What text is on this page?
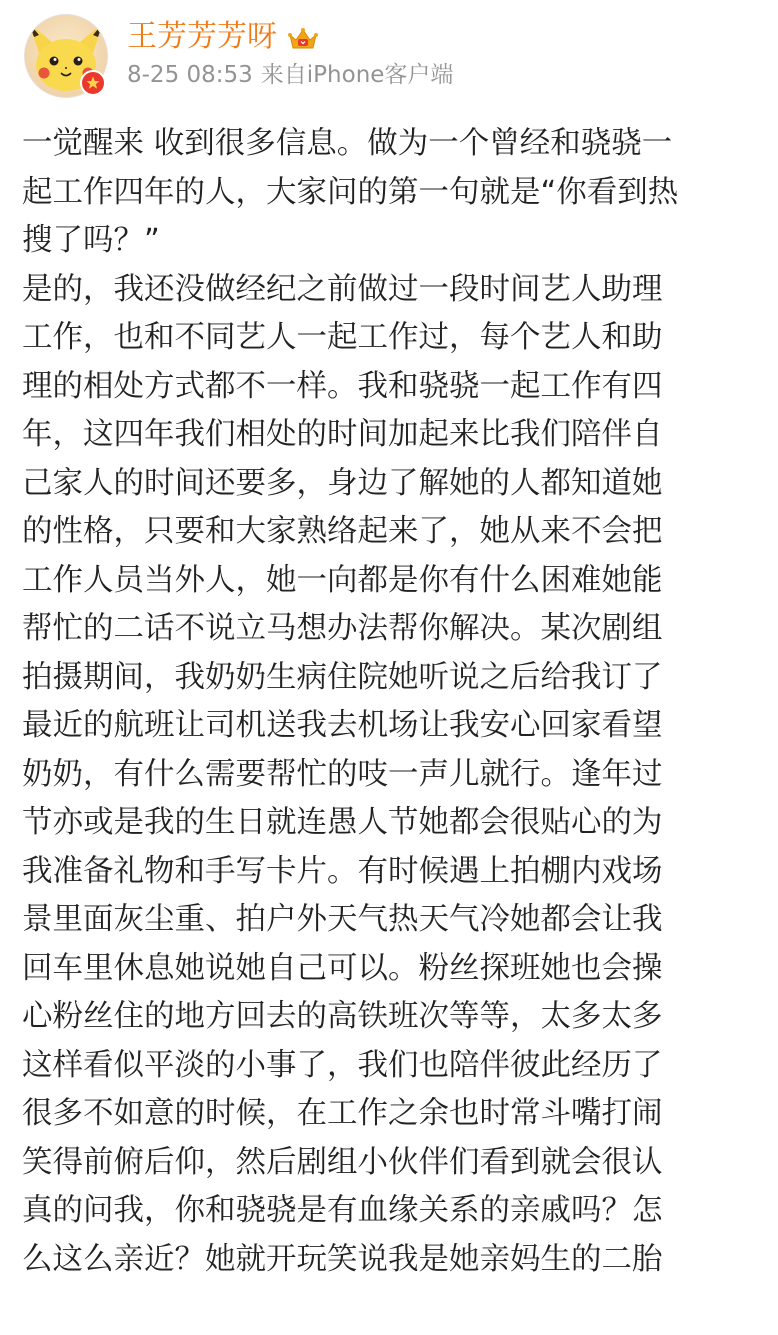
王芳芳芳呀
8-25 08:53 来自iPhone客户端
一觉醒来 收到很多信息。做为一个曾经和骁骁一
起工作四年的人，大家问的第一句就是“你看到热
搜了吗？”
是的，我还没做经纪之前做过一段时间艺人助理
工作，也和不同艺人一起工作过，每个艺人和助
理的相处方式都不一样。我和骁骁一起工作有四
年，这四年我们相处的时间加起来比我们陪伴自
己家人的时间还要多，身边了解她的人都知道她
的性格，只要和大家熟络起来了，她从来不会把
工作人员当外人，她一向都是你有什么困难她能
帮忙的二话不说立马想办法帮你解决。某次剧组
拍摄期间，我奶奶生病住院她听说之后给我订了
最近的航班让司机送我去机场让我安心回家看望
奶奶，有什么需要帮忙的吱一声儿就行。逢年过
节亦或是我的生日就连愚人节她都会很贴心的为
我准备礼物和手写卡片。有时候遇上拍棚内戏场
景里面灰尘重、拍户外天气热天气冷她都会让我
回车里休息她说她自己可以。粉丝探班她也会操
心粉丝住的地方回去的高铁班次等等，太多太多
这样看似平淡的小事了，我们也陪伴彼此经历了
很多不如意的时候，在工作之余也时常斗嘴打闹
笑得前俯后仰，然后剧组小伙伴们看到就会很认
真的问我，你和骁骁是有血缘关系的亲戚吗？怎
么这么亲近？她就开玩笑说我是她亲妈生的二胎
